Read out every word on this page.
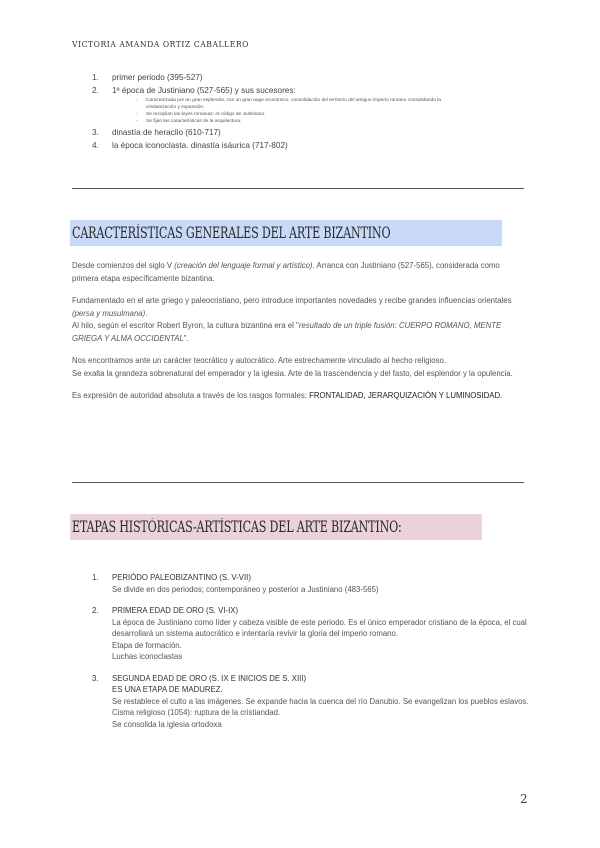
VICTORIA AMANDA ORTIZ CABALLERO
1.	primer periodo (395-527)
2.	1ª época de Justiniano (527-565) y sus sucesores:
-	Caracterizada por un gran esplendor, con un gran auge económico, consolidación del territorio del antiguo imperio romano consolidando la cristianización y expansión.
-	Se recopilan las leyes romanas: el código de Justiniano.
-	Se fijan las características de la arquitectura.
3.	dinastía de heraclio (610-717)
4.	la época iconoclasta. dinastía isáurica (717-802)
CARACTERÍSTICAS GENERALES DEL ARTE BIZANTINO

Desde comienzos del siglo V (creación del lenguaje formal y artístico). Arranca con Justiniano (527-565), considerada como primera etapa específicamente bizantina.

Fundamentado en el arte griego y paleocristiano, pero introduce importantes novedades y recibe grandes influencias orientales (persa y musulmana).

Al hilo, según el escritor Robert Byron, la cultura bizantina era el "resultado de un triple fusión: CUERPO ROMANO, MENTE GRIEGA Y ALMA OCCIDENTAL".

Nos encontramos ante un carácter teocrático y autocrático. Arte estrechamente vinculado al hecho religioso.

Se exalta la grandeza sobrenatural del emperador y la iglesia. Arte de la trascendencia y del fasto, del esplendor y la opulencia.

Es expresión de autoridad absoluta a través de los rasgos formales: FRONTALIDAD, JERARQUIZACIÓN Y LUMINOSIDAD.

ETAPAS HISTÓRICAS-ARTÍSTICAS DEL ARTE BIZANTINO:
1.	PERIÓDO PALEOBIZANTINO (S. V-VII)
Se divide en dos periodos; contemporáneo y posterior a Justiniano (483-565)
2.	PRIMERA EDAD DE ORO (S. VI-IX)
La época de Justiniano como líder y cabeza visible de este periodo. Es el único emperador cristiano de la época, el cual desarrollará un sistema autocrático e intentaría revivir la gloria del imperio romano.
Etapa de formación.
Luchas iconoclastas
3.	SEGUNDA EDAD DE ORO (S. IX E INICIOS DE S. XIII)
ES UNA ETAPA DE MADUREZ.
Se restablece el culto a las imágenes. Se expande hacia la cuenca del río Danubio. Se evangelizan los pueblos eslavos. Cisma religioso (1054): ruptura de la cristiandad.
Se consolida la iglesia ortodoxa
2
